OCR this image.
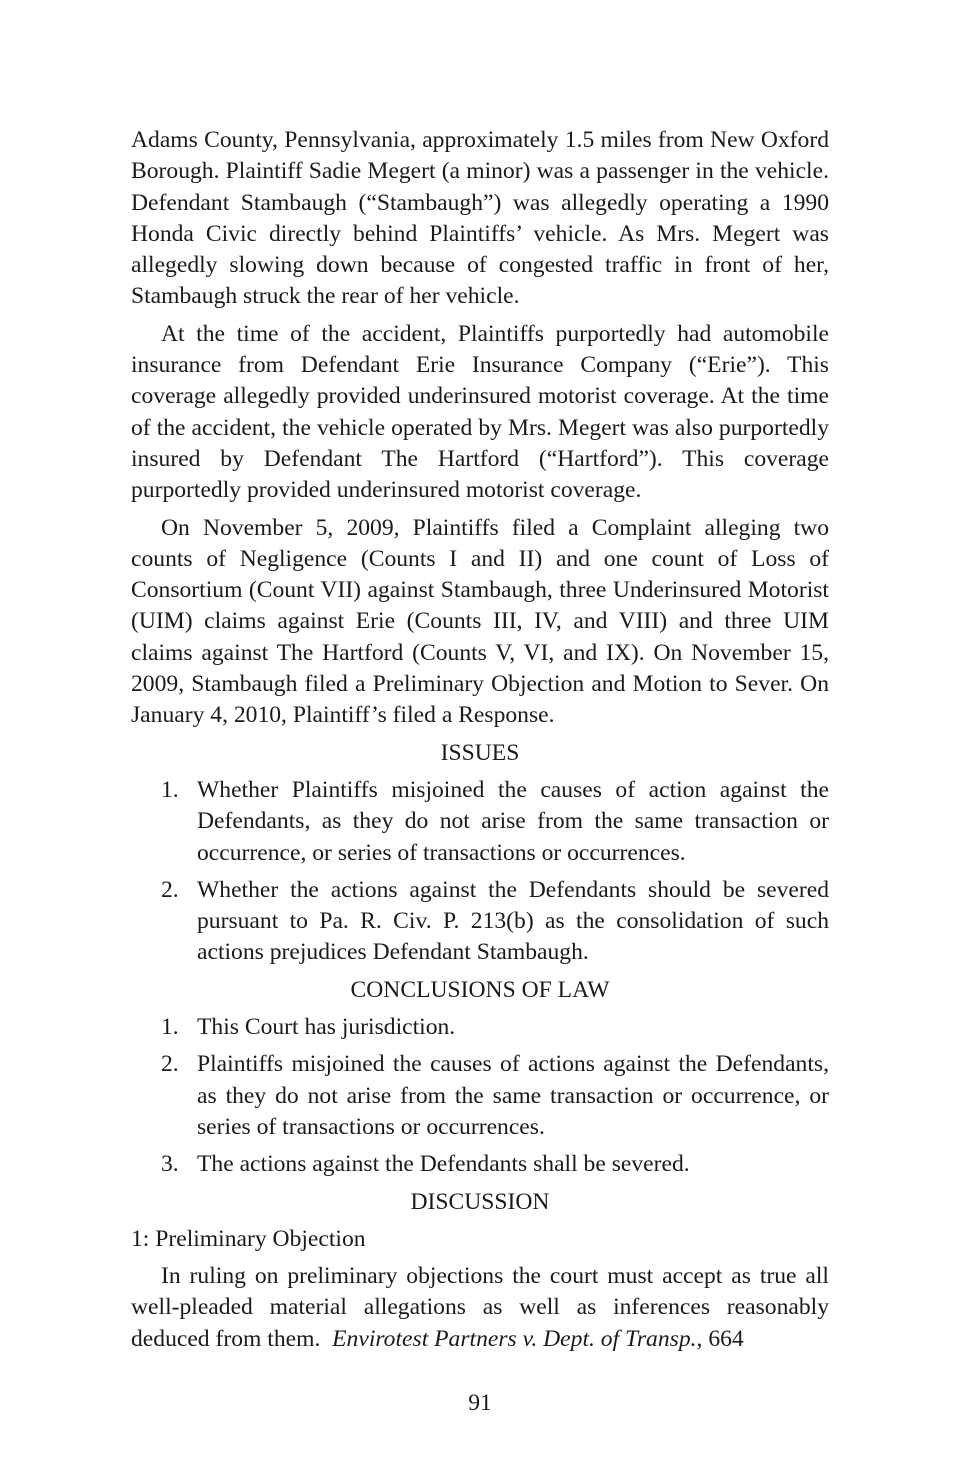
Adams County, Pennsylvania, approximately 1.5 miles from New Oxford Borough. Plaintiff Sadie Megert (a minor) was a passenger in the vehicle. Defendant Stambaugh (“Stambaugh”) was allegedly operating a 1990 Honda Civic directly behind Plaintiffs’ vehicle. As Mrs. Megert was allegedly slowing down because of congested traffic in front of her, Stambaugh struck the rear of her vehicle.

At the time of the accident, Plaintiffs purportedly had automobile insurance from Defendant Erie Insurance Company (“Erie”). This coverage allegedly provided underinsured motorist coverage. At the time of the accident, the vehicle operated by Mrs. Megert was also purportedly insured by Defendant The Hartford (“Hartford”). This coverage purportedly provided underinsured motorist coverage.

On November 5, 2009, Plaintiffs filed a Complaint alleging two counts of Negligence (Counts I and II) and one count of Loss of Consortium (Count VII) against Stambaugh, three Underinsured Motorist (UIM) claims against Erie (Counts III, IV, and VIII) and three UIM claims against The Hartford (Counts V, VI, and IX). On November 15, 2009, Stambaugh filed a Preliminary Objection and Motion to Sever. On January 4, 2010, Plaintiff’s filed a Response.

ISSUES
1. Whether Plaintiffs misjoined the causes of action against the Defendants, as they do not arise from the same transaction or occurrence, or series of transactions or occurrences.
2. Whether the actions against the Defendants should be severed pursuant to Pa. R. Civ. P. 213(b) as the consolidation of such actions prejudices Defendant Stambaugh.
CONCLUSIONS OF LAW
1. This Court has jurisdiction.
2. Plaintiffs misjoined the causes of actions against the Defendants, as they do not arise from the same transaction or occurrence, or series of transactions or occurrences.
3. The actions against the Defendants shall be severed.
DISCUSSION
1: Preliminary Objection

In ruling on preliminary objections the court must accept as true all well-pleaded material allegations as well as inferences reasonably deduced from them. Envirotest Partners v. Dept. of Transp., 664

91
